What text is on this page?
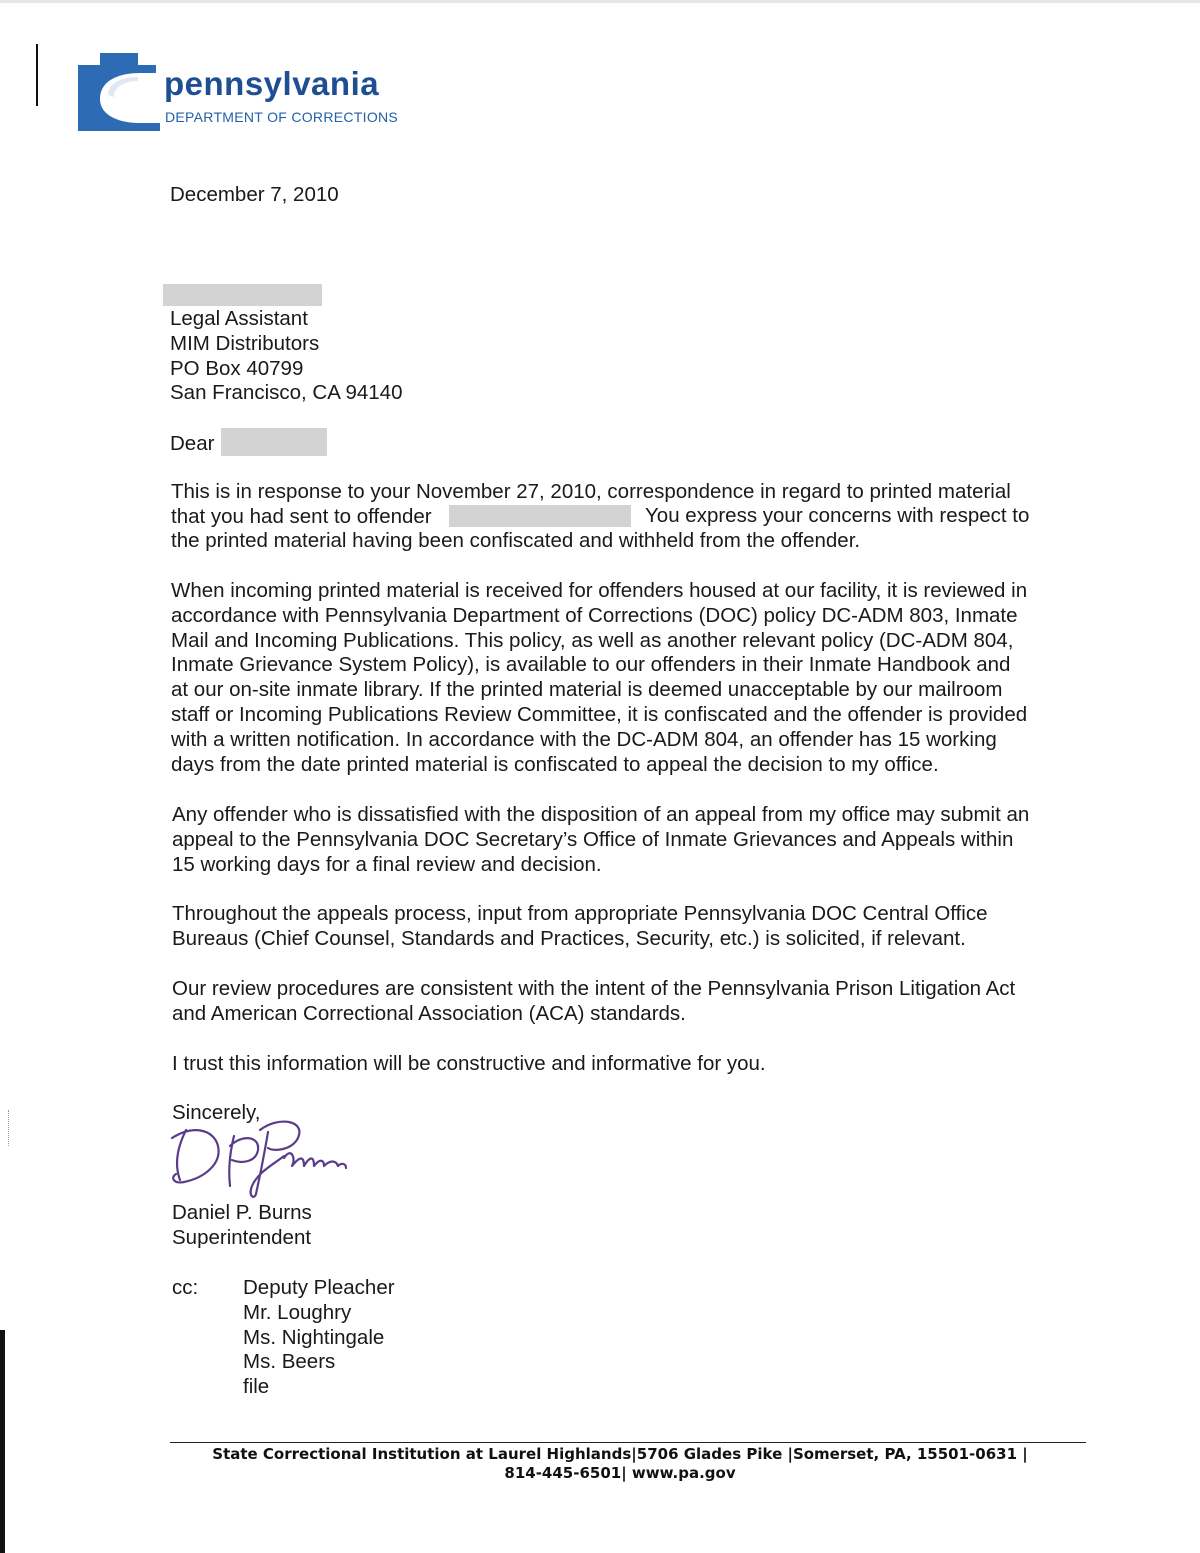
pennsylvania
DEPARTMENT OF CORRECTIONS
December 7, 2010

Legal Assistant

MIM Distributors

PO Box 40799

San Francisco, CA 94140

Dear
This is in response to your November 27, 2010, correspondence in regard to printed material
that you had sent to offender	You express your concerns with respect to
the printed material having been confiscated and withheld from the offender.

When incoming printed material is received for offenders housed at our facility, it is reviewed in

accordance with Pennsylvania Department of Corrections (DOC) policy DC-ADM 803, Inmate

Mail and Incoming Publications. This policy, as well as another relevant policy (DC-ADM 804,

Inmate Grievance System Policy), is available to our offenders in their Inmate Handbook and

at our on-site inmate library. If the printed material is deemed unacceptable by our mailroom

staff or Incoming Publications Review Committee, it is confiscated and the offender is provided

with a written notification. In accordance with the DC-ADM 804, an offender has 15 working

days from the date printed material is confiscated to appeal the decision to my office.

Any offender who is dissatisfied with the disposition of an appeal from my office may submit an

appeal to the Pennsylvania DOC Secretary’s Office of Inmate Grievances and Appeals within

15 working days for a final review and decision.

Throughout the appeals process, input from appropriate Pennsylvania DOC Central Office

Bureaus (Chief Counsel, Standards and Practices, Security, etc.) is solicited, if relevant.

Our review procedures are consistent with the intent of the Pennsylvania Prison Litigation Act

and American Correctional Association (ACA) standards.

I trust this information will be constructive and informative for you.
Sincerely,

Daniel P. Burns

Superintendent

cc: Deputy Pleacher

Mr. Loughry

Ms. Nightingale

Ms. Beers

file

State Correctional Institution at Laurel Highlands|5706 Glades Pike |Somerset, PA, 15501-0631 |
814-445-6501| www.pa.gov
